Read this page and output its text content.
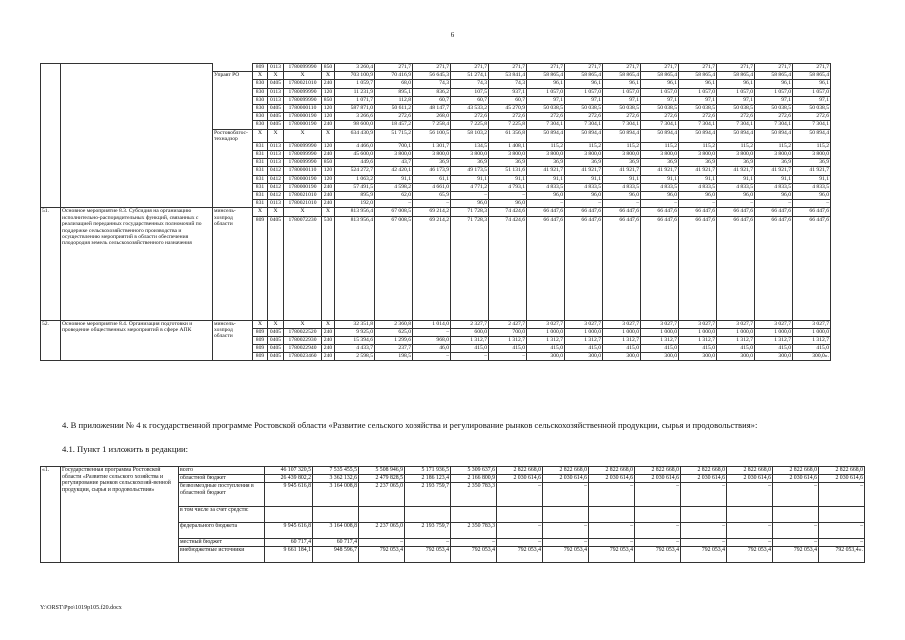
6
			809	0113	1780099990	850	3 260,4	271,7	271,7	271,7	271,7	271,7	271,7	271,7	271,7	271,7	271,7	271,7	271,7
		Управт РО	X	X	X	X	703 100,9	70 416,9	56 645,3	51 274,1	53 841,4	58 865,4	58 865,4	58 865,4	58 865,4	58 865,4	58 865,4	58 865,4	58 865,4
			830	0405	1780021010	240	1 059,7	68,0	74,3	74,3	74,3	96,1	96,1	96,1	96,1	96,1	96,1	96,1	96,1
			830	0113	1780099990	120	11 231,9	895,1	836,2	107,5	937,1	1 057,0	1 057,0	1 057,0	1 057,0	1 057,0	1 057,0	1 057,0	1 057,0
			830	0113	1780099990	850	1 071,7	112,8	60,7	60,7	60,7	97,1	97,1	97,1	97,1	97,1	97,1	97,1	97,1
			830	0405	1780000110	120	587 871,0	50 611,2	48 147,7	43 533,2	45 270,9	50 038,5	50 038,5	50 038,5	50 038,5	50 038,5	50 038,5	50 038,5	50 038,5
			830	0405	1780000190	120	3 266,6	272,6	268,0	272,6	272,6	272,6	272,6	272,6	272,6	272,6	272,6	272,6	272,6
			830	0405	1780000190	240	98 600,0	18 457,2	7 258,4	7 225,8	7 225,8	7 304,1	7 304,1	7 304,1	7 304,1	7 304,1	7 304,1	7 304,1	7 304,1
		Ростовоблгос-технадзор	X	X	X	X	634 430,9	51 715,2	56 100,5	58 103,2	61 356,8	50 894,4	50 894,4	50 894,4	50 894,4	50 894,4	50 894,4	50 894,4	50 894,4
			831	0113	1780099990	120	4 466,0	700,1	1 301,7	134,5	1 408,1	115,2	115,2	115,2	115,2	115,2	115,2	115,2	115,2
			831	0113	1780099990	240	45 600,0	3 800,0	3 800,0	3 800,0	3 800,0	3 800,0	3 800,0	3 800,0	3 800,0	3 800,0	3 800,0	3 800,0	3 800,0
			831	0113	1780099990	850	449,6	43,7	36,9	36,9	36,9	36,9	36,9	36,9	36,9	36,9	36,9	36,9	36,9
			831	0412	1780000110	120	524 272,7	42 420,1	46 173,9	49 173,5	51 131,6	41 921,7	41 921,7	41 921,7	41 921,7	41 921,7	41 921,7	41 921,7	41 921,7
			831	0412	1780000190	120	1 063,2	91,1	61,1	91,1	91,1	91,1	91,1	91,1	91,1	91,1	91,1	91,1	91,1
			831	0412	1780000190	240	57 491,5	4 598,2	4 661,0	4 771,2	4 793,1	4 833,5	4 833,5	4 833,5	4 833,5	4 833,5	4 833,5	4 833,5	4 833,5
			831	0412	1780021010	240	895,9	62,0	65,9	–	–	96,0	96,0	96,0	96,0	96,0	96,0	96,0	96,0
			831	0113	1780021010	240	192,0	–	–	96,0	96,0	–	–	–	–	–	–	–	–
51.	Основное мероприятие 8.3. Субсидия на организацию исполнительно-распорядительных функций, связанных с реализацией переданных государственных полномочий по поддержке сельскохозяйственного производства и осуществлению мероприятий в области обеспечения плодородия земель сельскохозяйственного назначения	минсель-хозпрод области	X	X	X	X	813 956,4	67 008,5	69 214,2	71 728,3	74 424,6	66 447,6	66 447,6	66 447,6	66 447,6	66 447,6	66 447,6	66 447,6	66 447,6
			809	0405	1780072230	530	813 956,4	67 008,5	69 214,2	71 728,3	74 424,6	66 447,6	66 447,6	66 447,6	66 447,6	66 447,6	66 447,6	66 447,6	66 447,6
52.	Основное мероприятие 8.4. Организация подготовки и проведение общественных мероприятий в сфере АПК	минсель-хозпрод области	X	X	X	X	32 351,8	2 360,8	1 014,0	2 327,7	2 427,7	3 027,7	3 027,7	3 027,7	3 027,7	3 027,7	3 027,7	3 027,7	3 027,7
			809	0405	1780022520	240	9 925,0	625,0	–	600,0	700,0	1 000,0	1 000,0	1 000,0	1 000,0	1 000,0	1 000,0	1 000,0	1 000,0
			809	0405	1780022930	240	15 394,6	1 299,6	968,0	1 312,7	1 312,7	1 312,7	1 312,7	1 312,7	1 312,7	1 312,7	1 312,7	1 312,7	1 312,7
			809	0405	1780022940	240	4 433,7	237,7	46,0	415,0	415,0	415,0	415,0	415,0	415,0	415,0	415,0	415,0	415,0
			809	0405	1780023460	240	2 598,5	198,5	–	–	–	300,0	300,0	300,0	300,0	300,0	300,0	300,0	300,0».
4. В приложении № 4 к государственной программе Ростовской области «Развитие сельского хозяйства и регулирование рынков сельскохозяйственной продукции, сырья и продовольствия»:
4.1. Пункт 1 изложить в редакции:
«1.	Государственная программа Ростовской области «Развитие сельского хозяйства и регулирование рынков сельскохозяй-венной продукции, сырья и продовольствия»	всего	46 107 320,5	7 535 455,5	5 508 946,9	5 171 936,5	5 309 637,6	2 822 668,0	2 822 668,0	2 822 668,0	2 822 668,0	2 822 668,0	2 822 668,0	2 822 668,0	2 822 668,0
		областной бюджет	26 439 802,2	3 362 132,6	2 479 828,5	2 186 123,4	2 166 800,9	2 030 614,6	2 030 614,6	2 030 614,6	2 030 614,6	2 030 614,6	2 030 614,6	2 030 614,6	2 030 614,6
		безвозмездные поступления в областной бюджет	9 945 616,8	3 164 008,8	2 237 065,0	2 193 759,7	2 350 783,3	–	–	–	–	–	–	–	–
		в том числе за счет средств:													
		федерального бюджета	9 945 616,8	3 164 008,8	2 237 065,0	2 193 759,7	2 350 783,3	–	–	–	–	–	–	–	–
		местный бюджет	60 717,4	60 717,4	–	–	–	–	–	–	–	–	–	–	–
		внебюджетные источники	9 661 184,1	948 596,7	792 053,4	792 053,4	792 053,4	792 053,4	792 053,4	792 053,4	792 053,4	792 053,4	792 053,4	792 053,4	792 053,4».
Y:\ORST\Ppo\1019p105.f20.docx
